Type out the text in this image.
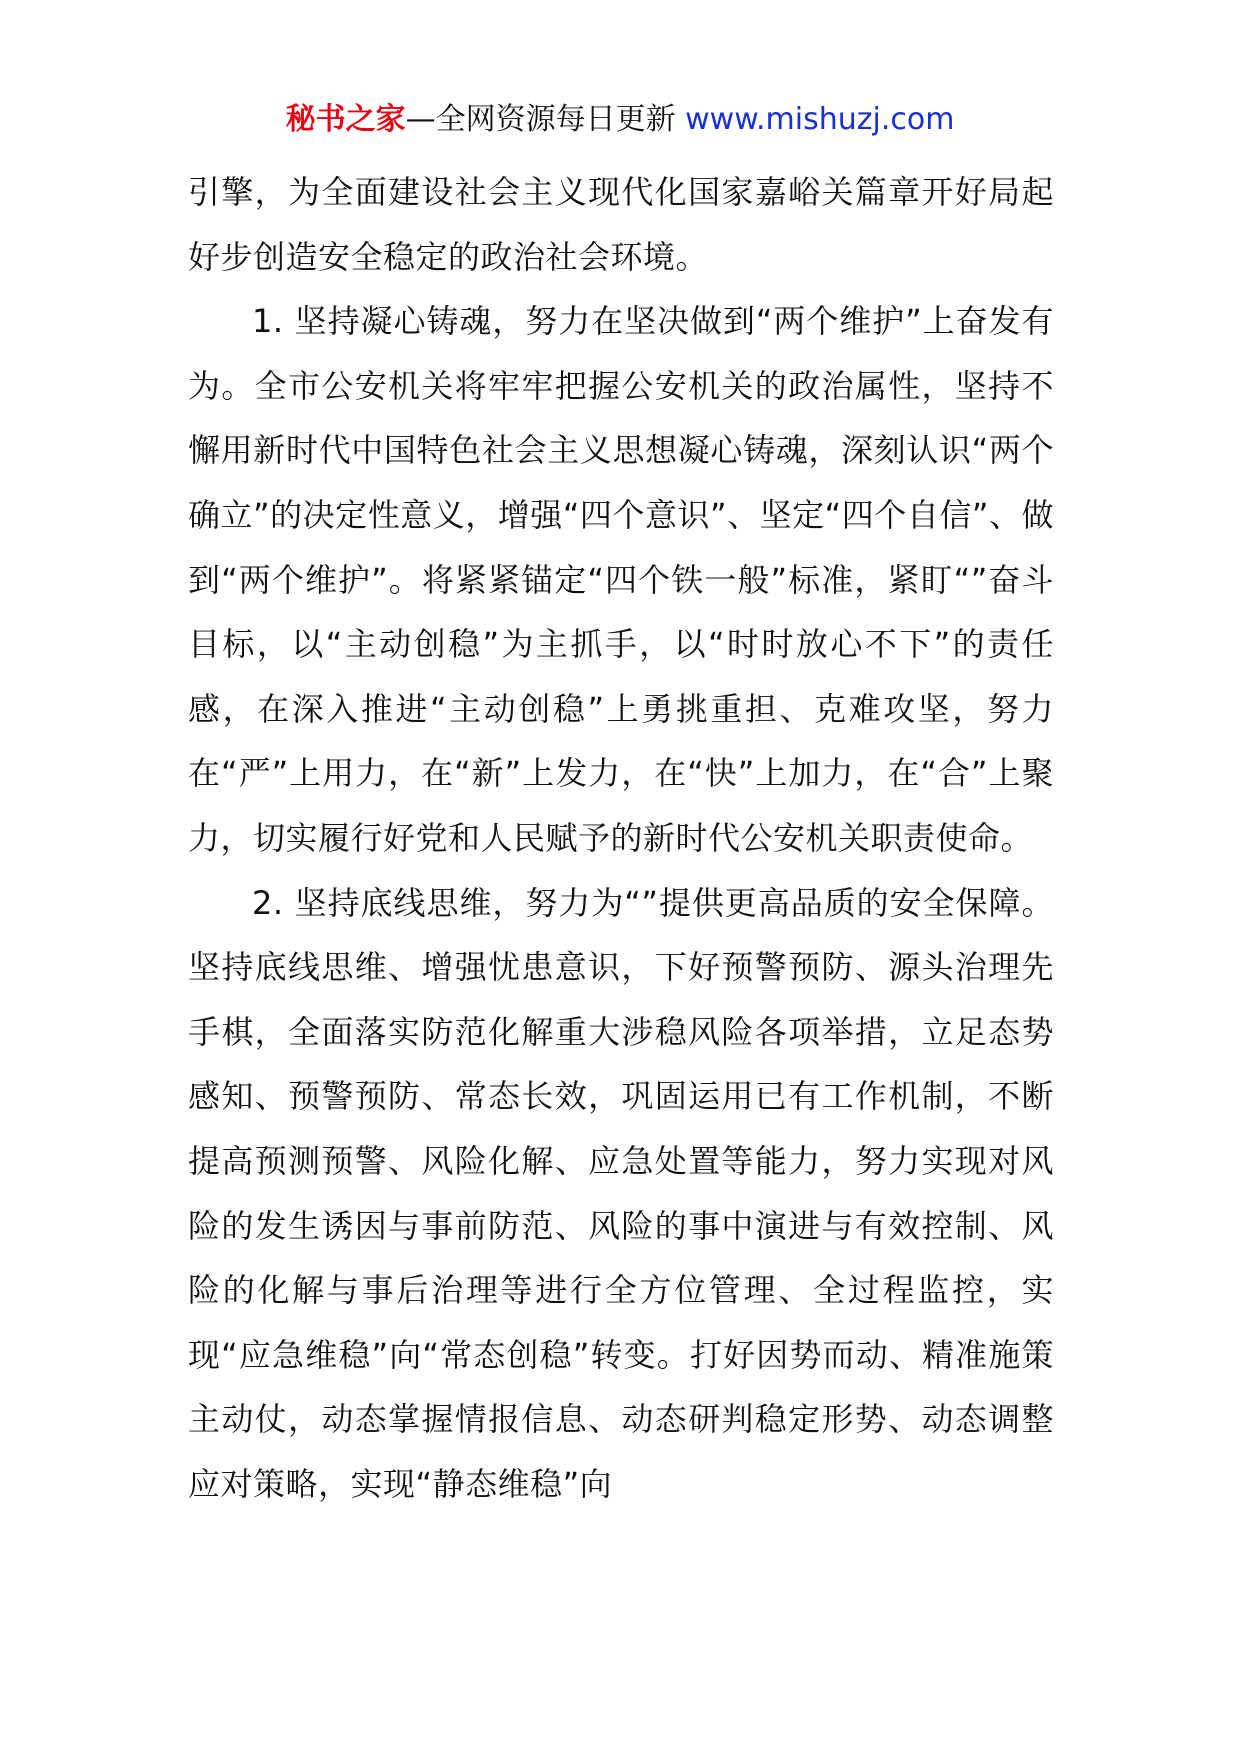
秘书之家—全网资源每日更新 www.mishuzj.com

引擎，为全面建设社会主义现代化国家嘉峪关篇章开好局起好步创造安全稳定的政治社会环境。

1. 坚持凝心铸魂，努力在坚决做到“两个维护”上奋发有为。全市公安机关将牢牢把握公安机关的政治属性，坚持不懈用新时代中国特色社会主义思想凝心铸魂，深刻认识“两个确立”的决定性意义，增强“四个意识”、坚定“四个自信”、做到“两个维护”。将紧紧锚定“四个铁一般”标准，紧盯“”奋斗目标，以“主动创稳”为主抓手，以“时时放心不下”的责任感，在深入推进“主动创稳”上勇挑重担、克难攻坚，努力在“严”上用力，在“新”上发力，在“快”上加力，在“合”上聚力，切实履行好党和人民赋予的新时代公安机关职责使命。

2. 坚持底线思维，努力为“”提供更高品质的安全保障。坚持底线思维、增强忧患意识，下好预警预防、源头治理先手棋，全面落实防范化解重大涉稳风险各项举措，立足态势感知、预警预防、常态长效，巩固运用已有工作机制，不断提高预测预警、风险化解、应急处置等能力，努力实现对风险的发生诱因与事前防范、风险的事中演进与有效控制、风险的化解与事后治理等进行全方位管理、全过程监控，实现“应急维稳”向“常态创稳”转变。打好因势而动、精准施策主动仗，动态掌握情报信息、动态研判稳定形势、动态调整应对策略，实现“静态维稳”向
